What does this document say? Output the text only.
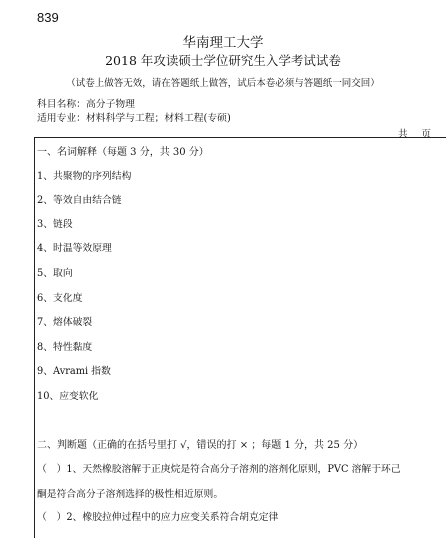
839
华南理工大学
2018 年攻读硕士学位研究生入学考试试卷
（试卷上做答无效，请在答题纸上做答，试后本卷必须与答题纸一同交回）
科目名称：高分子物理
适用专业：材料科学与工程；材料工程(专硕)
共页
一、名词解释（每题 3 分，共 30 分）
1、共聚物的序列结构
2、等效自由结合链
3、链段
4、时温等效原理
5、取向
6、支化度
7、熔体破裂
8、特性黏度
9、Avrami 指数
10、应变软化
二、判断题（正确的在括号里打 √，错误的打 × ；每题 1 分，共 25 分）
（　）1、天然橡胶溶解于正庚烷是符合高分子溶剂的溶剂化原则，PVC 溶解于环己
酮是符合高分子溶剂选择的极性相近原则。
（　）2、橡胶拉伸过程中的应力应变关系符合胡克定律
